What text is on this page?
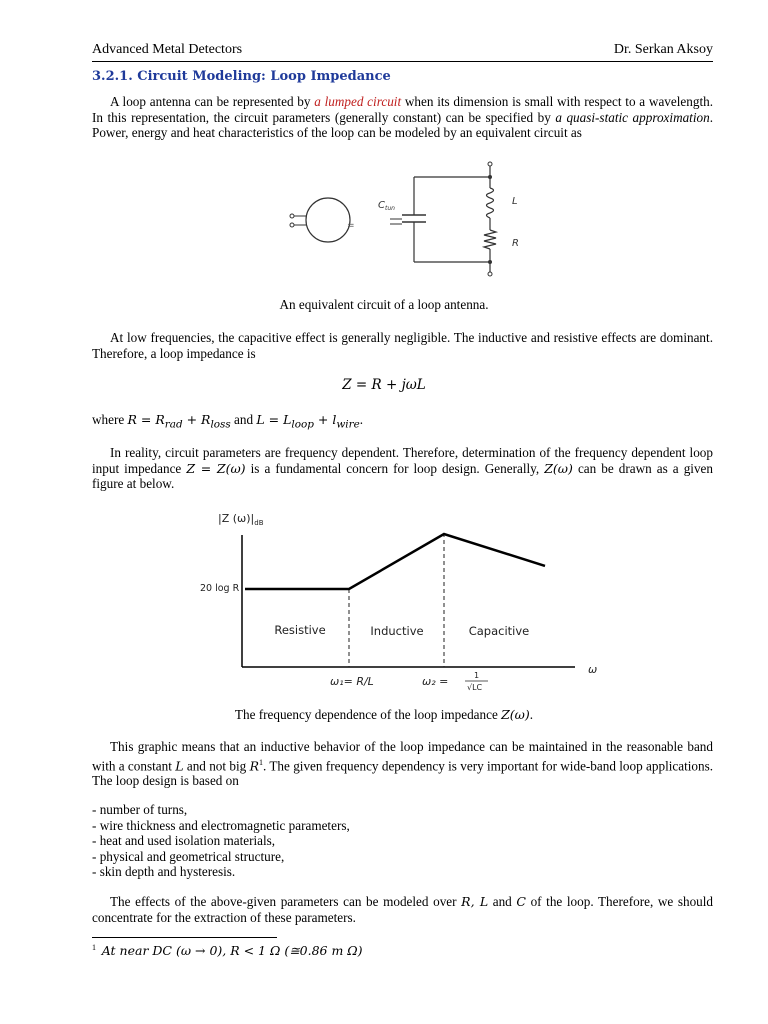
Advanced Metal Detectors	Dr. Serkan Aksoy
3.2.1. Circuit Modeling: Loop Impedance
A loop antenna can be represented by a lumped circuit when its dimension is small with respect to a wavelength. In this representation, the circuit parameters (generally constant) can be specified by a quasi-static approximation. Power, energy and heat characteristics of the loop can be modeled by an equivalent circuit as
=
$C_{tun}$
L
R
An equivalent circuit of a loop antenna.
At low frequencies, the capacitive effect is generally negligible. The inductive and resistive effects are dominant. Therefore, a loop impedance is
Z = R + jωL
where $R = R_{rad} + R_{loss}$ and $L = L_{loop} + l_{wire}$.
In reality, circuit parameters are frequency dependent. Therefore, determination of the frequency dependent loop input impedance Z = Z(ω) is a fundamental concern for loop design. Generally, Z(ω) can be drawn as a given figure at below.
|Z $(\omega)|_{dB}$
ω
20 log R
Resistive	Inductive	Capacitive
ω₁= R/L	ω₂ =	1
√LC
The frequency dependence of the loop impedance Z(ω).
This graphic means that an inductive behavior of the loop impedance can be maintained in the reasonable band with a constant L and not big $R^1$. The given frequency dependency is very important for wide-band loop applications. The loop design is based on
- number of turns,
- wire thickness and electromagnetic parameters,
- heat and used isolation materials,
- physical and geometrical structure,
- skin depth and hysteresis.
The effects of the above-given parameters can be modeled over R, L and C of the loop. Therefore, we should concentrate for the extraction of these parameters.
$^1$ At near DC (ω → 0), R < 1 Ω (≅0.86 m Ω)
